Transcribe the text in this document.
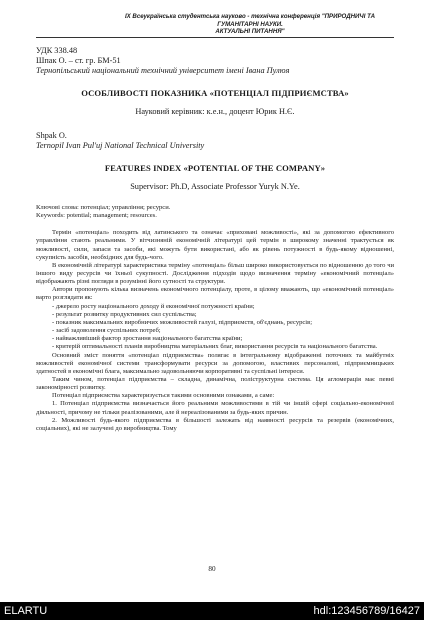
IX Всеукраїнська студентська науково - технічна конференція "ПРИРОДНИЧІ ТА ГУМАНІТАРНІ НАУКИ.
АКТУАЛЬНІ ПИТАННЯ"
УДК 338.48
Шпак О. – ст. гр. БМ-51
Тернопільський національний технічний університет імені Івана Пулюя
ОСОБЛИВОСТІ ПОКАЗНИКА «ПОТЕНЦІАЛ ПІДПРИЄМСТВА»
Науковий керівник: к.е.н., доцент Юрик Н.Є.
Shpak O.
Ternopil Ivan Pul'uj National Technical University
FEATURES INDEX «POTENTIAL OF THE COMPANY»
Supervisor: Ph.D, Associate Professor Yuryk N.Ye.
Ключові слова: потенціал; управління; ресурси.
Keywords: potential; management; resources.

Термін «потенціал» походить від латинського та означає «приховані можливості», які за допомогою ефективного управління стають реальними. У вітчизняній економічній літературі цей термін в широкому значенні трактується як можливості, сили, запаси та засоби, які можуть бути використані, або як рівень потужності в будь-якому відношенні, сукупність засобів, необхідних для будь-чого.

В економічній літературі характеристика терміну «потенціал» більш широко використовується по відношенню до того чи іншого виду ресурсів чи їхньої сукупності. Дослідження підходів щодо визначення терміну «економічний потенціал» відображають різні погляди в розумінні його сутності та структури.

Автори пропонують кілька визначень економічного потенціалу, проте, в цілому вважають, що «економічний потенціал» варто розглядати як:

- джерело росту національного доходу й економічної потужності країни;

- результат розвитку продуктивних сил суспільства;

- показник максимальних виробничих можливостей галузі, підприємств, об'єднань, ресурсів;

- засіб задоволення суспільних потреб;

- найважливіший фактор зростання національного багатства країни;

- критерій оптимальності планів виробництва матеріальних благ, використання ресурсів та національного багатства.

Основний зміст поняття «потенціал підприємства» полягає в інтегральному відображенні поточних та майбутніх можливостей економічної системи трансформувати ресурси за допомогою, властивих персоналові, підприємницьких здатностей в економічні блага, максимально задовольняючи корпоративні та суспільні інтереси.

Таким чином, потенціал підприємства – складна, динамічна, поліструктурна система. Ця агломерація має певні закономірності розвитку.

Потенціал підприємства характеризується такими основними ознаками, а саме:

1. Потенціал підприємства визначається його реальними можливостями в тій чи іншій сфері соціально-економічної діяльності, причому не тільки реалізованими, але й нереалізованими за будь-яких причин.

2. Можливості будь-якого підприємства в більшості залежать від наявності ресурсів та резервів (економічних, соціальних), які не залучені до виробництва. Тому

80
ELARTU	hdl:123456789/16427
